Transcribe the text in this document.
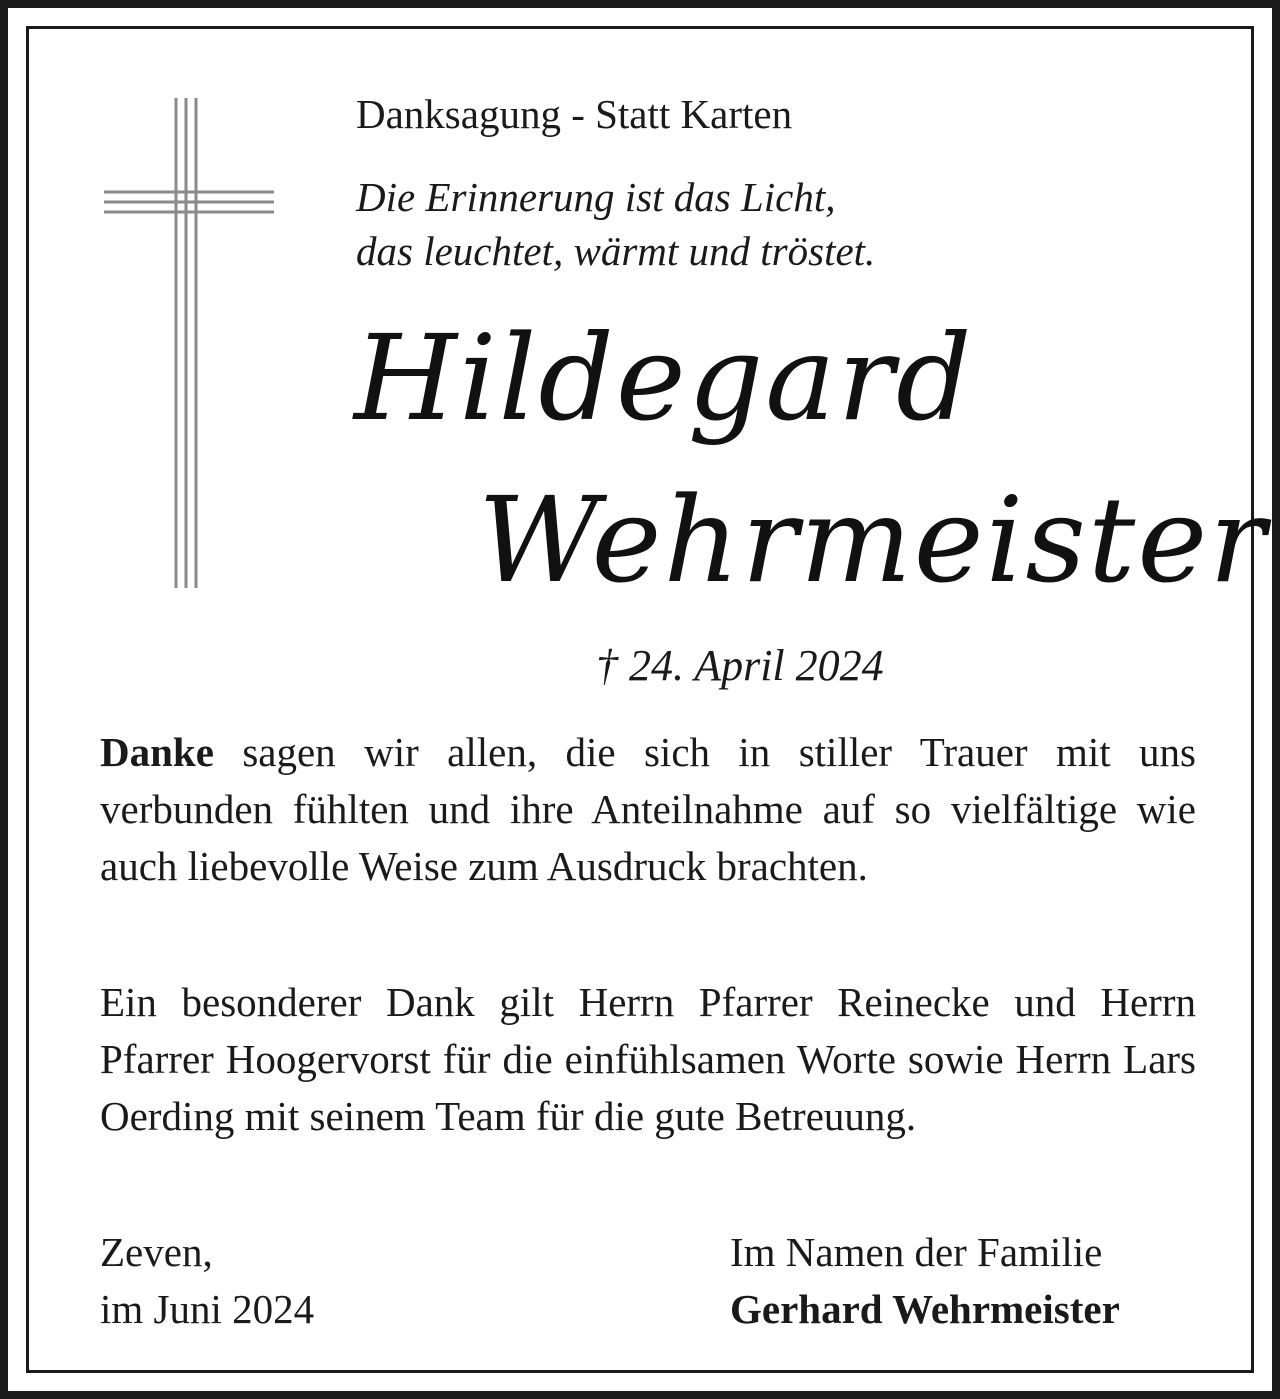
Danksagung - Statt Karten

Die Erinnerung ist das Licht,
das leuchtet, wärmt und tröstet.

Hildegard
Wehrmeister

† 24. April 2024

Danke sagen wir allen, die sich in stiller Trauer mit uns verbunden fühlten und ihre Anteilnahme auf so vielfältige wie auch liebevolle Weise zum Ausdruck brachten.

Ein besonderer Dank gilt Herrn Pfarrer Reinecke und Herrn Pfarrer Hoogervorst für die einfühlsamen Worte sowie Herrn Lars Oerding mit seinem Team für die gute Betreuung.

Zeven,
im Juni 2024

Im Namen der Familie
Gerhard Wehrmeister
